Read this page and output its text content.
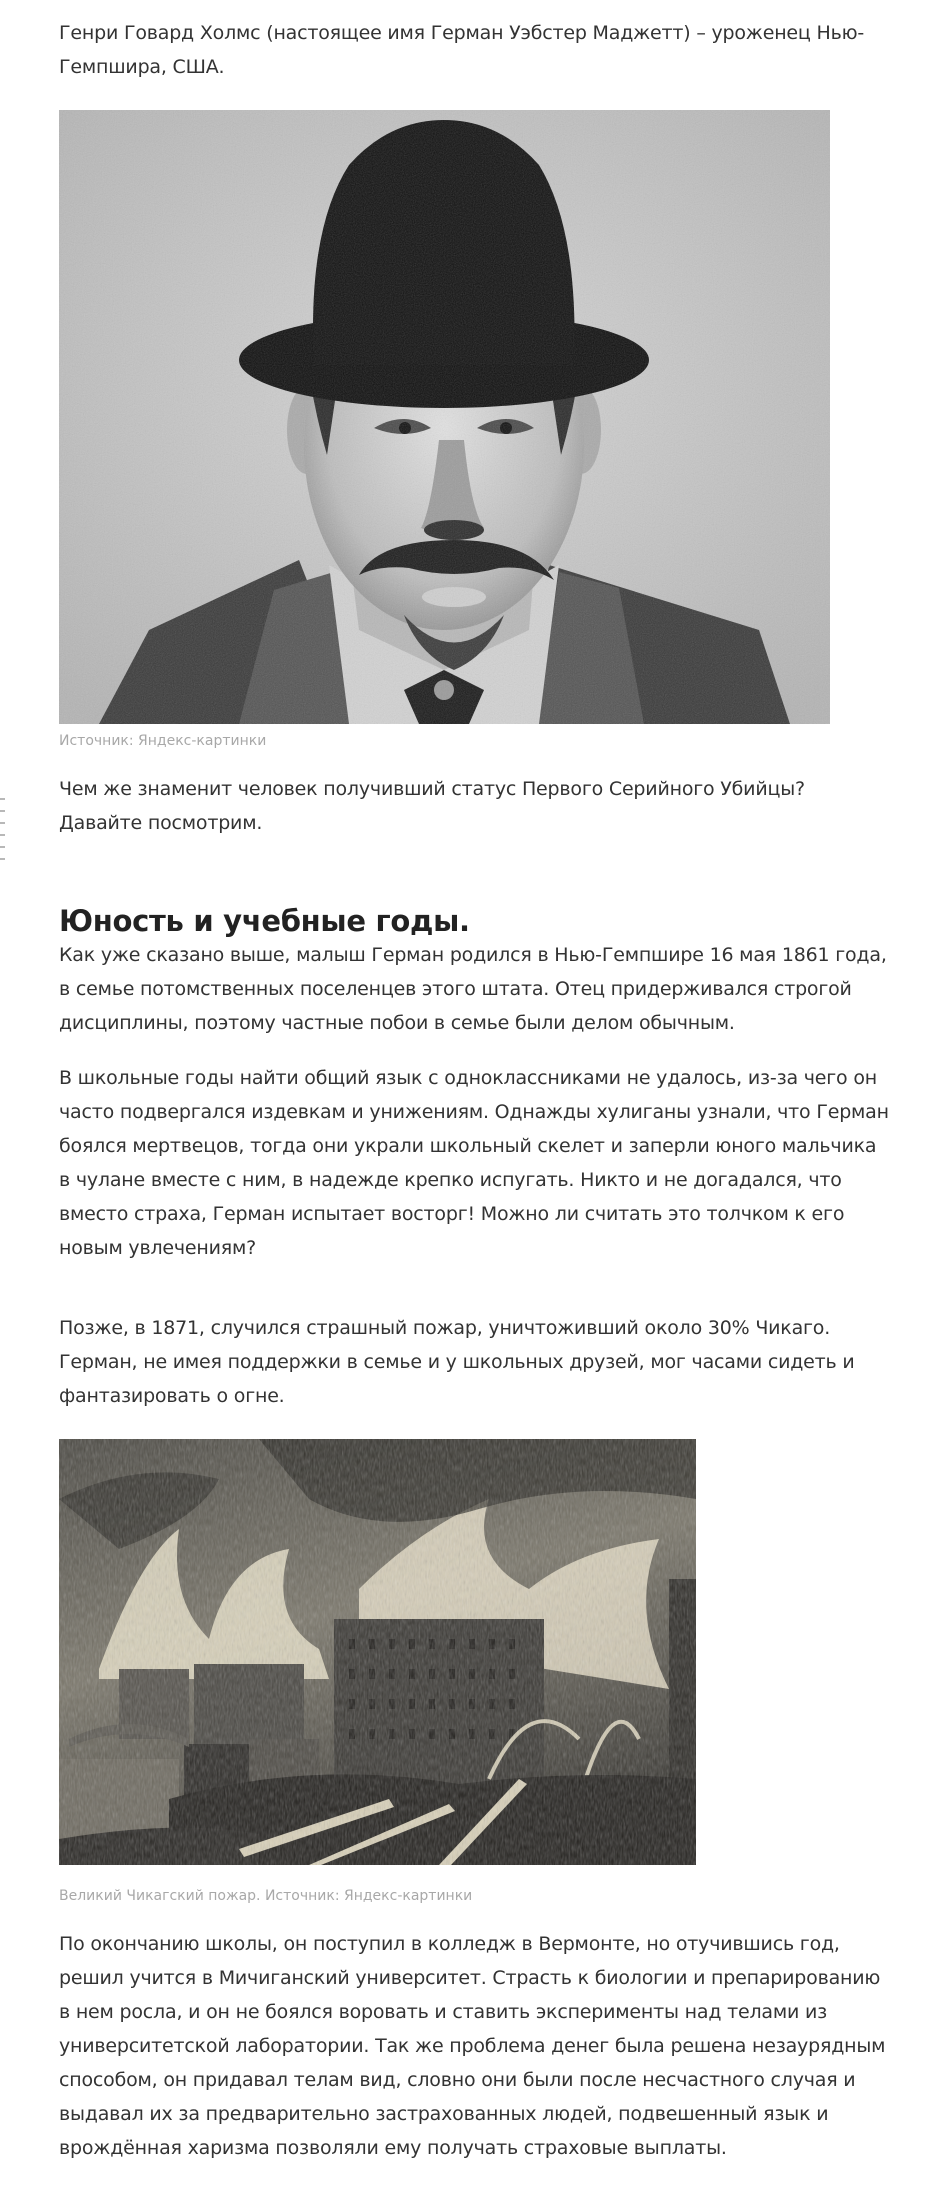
Генри Говард Холмс (настоящее имя Герман Уэбстер Маджетт) – уроженец Нью-Гемпшира, США.

Источник: Яндекс-картинки

Чем же знаменит человек получивший статус Первого Серийного Убийцы? Давайте посмотрим.

Юность и учебные годы.

Как уже сказано выше, малыш Герман родился в Нью-Гемпшире 16 мая 1861 года, в семье потомственных поселенцев этого штата. Отец придерживался строгой дисциплины, поэтому частные побои в семье были делом обычным.

В школьные годы найти общий язык с одноклассниками не удалось, из-за чего он часто подвергался издевкам и унижениям. Однажды хулиганы узнали, что Герман боялся мертвецов, тогда они украли школьный скелет и заперли юного мальчика в чулане вместе с ним, в надежде крепко испугать. Никто и не догадался, что вместо страха, Герман испытает восторг! Можно ли считать это толчком к его новым увлечениям?

Позже, в 1871, случился страшный пожар, уничтоживший около 30% Чикаго. Герман, не имея поддержки в семье и у школьных друзей, мог часами сидеть и фантазировать о огне.

Великий Чикагский пожар. Источник: Яндекс-картинки

По окончанию школы, он поступил в колледж в Вермонте, но отучившись год, решил учится в Мичиганский университет. Страсть к биологии и препарированию в нем росла, и он не боялся воровать и ставить эксперименты над телами из университетской лаборатории. Так же проблема денег была решена незаурядным способом, он придавал телам вид, словно они были после несчастного случая и выдавал их за предварительно застрахованных людей, подвешенный язык и врождённая харизма позволяли ему получать страховые выплаты.
